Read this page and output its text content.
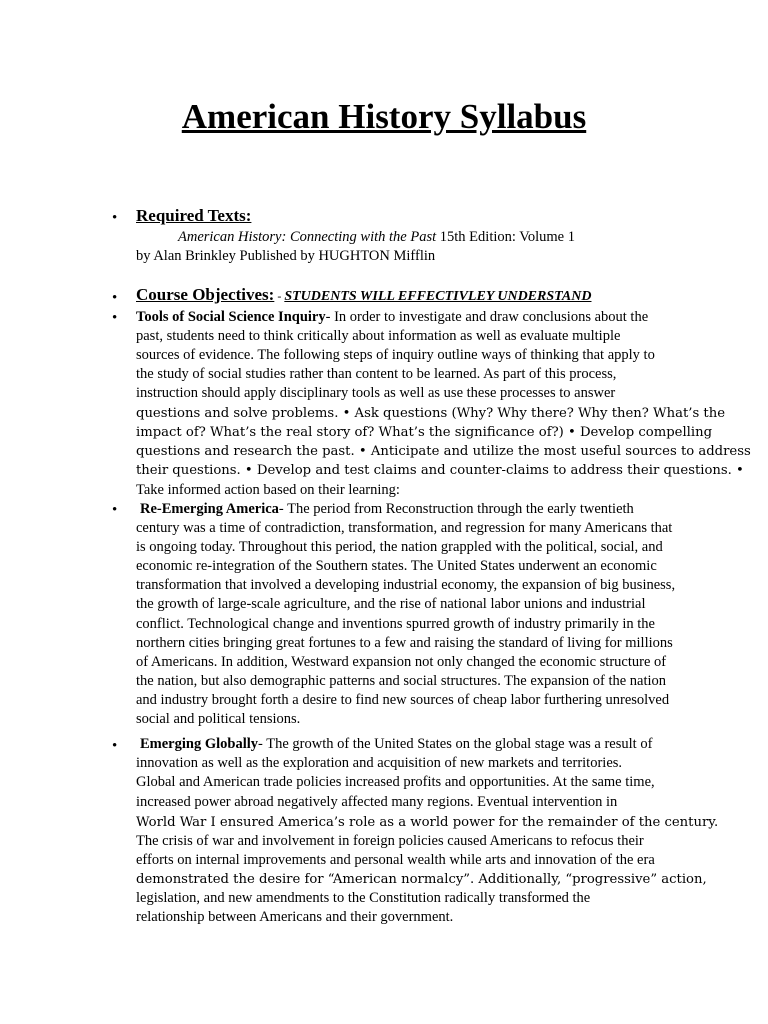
American History Syllabus
• Required Texts:
American History: Connecting with the Past 15th Edition: Volume 1
by Alan Brinkley Published by HUGHTON Mifflin
• Course Objectives: - STUDENTS WILL EFFECTIVLEY UNDERSTAND
• Tools of Social Science Inquiry- In order to investigate and draw conclusions about the
past, students need to think critically about information as well as evaluate multiple
sources of evidence. The following steps of inquiry outline ways of thinking that apply to
the study of social studies rather than content to be learned. As part of this process,
instruction should apply disciplinary tools as well as use these processes to answer
questions and solve problems. • Ask questions (Why? Why there? Why then? What’s the
impact of? What’s the real story of? What’s the significance of?) • Develop compelling
questions and research the past. • Anticipate and utilize the most useful sources to address
their questions. • Develop and test claims and counter-claims to address their questions. •
Take informed action based on their learning:
• Re-Emerging America- The period from Reconstruction through the early twentieth century was a time of contradiction, transformation, and regression for many Americans that is ongoing today. Throughout this period, the nation grappled with the political, social, and economic re-integration of the Southern states. The United States underwent an economic transformation that involved a developing industrial economy, the expansion of big business, the growth of large-scale agriculture, and the rise of national labor unions and industrial conflict. Technological change and inventions spurred growth of industry primarily in the northern cities bringing great fortunes to a few and raising the standard of living for millions of Americans. In addition, Westward expansion not only changed the economic structure of the nation, but also demographic patterns and social structures. The expansion of the nation and industry brought forth a desire to find new sources of cheap labor furthering unresolved social and political tensions.
• Emerging Globally- The growth of the United States on the global stage was a result of
innovation as well as the exploration and acquisition of new markets and territories.
Global and American trade policies increased profits and opportunities. At the same time,
increased power abroad negatively affected many regions. Eventual intervention in
World War I ensured America’s role as a world power for the remainder of the century.
The crisis of war and involvement in foreign policies caused Americans to refocus their
efforts on internal improvements and personal wealth while arts and innovation of the era
demonstrated the desire for “American normalcy”. Additionally, “progressive” action,
legislation, and new amendments to the Constitution radically transformed the
relationship between Americans and their government.
